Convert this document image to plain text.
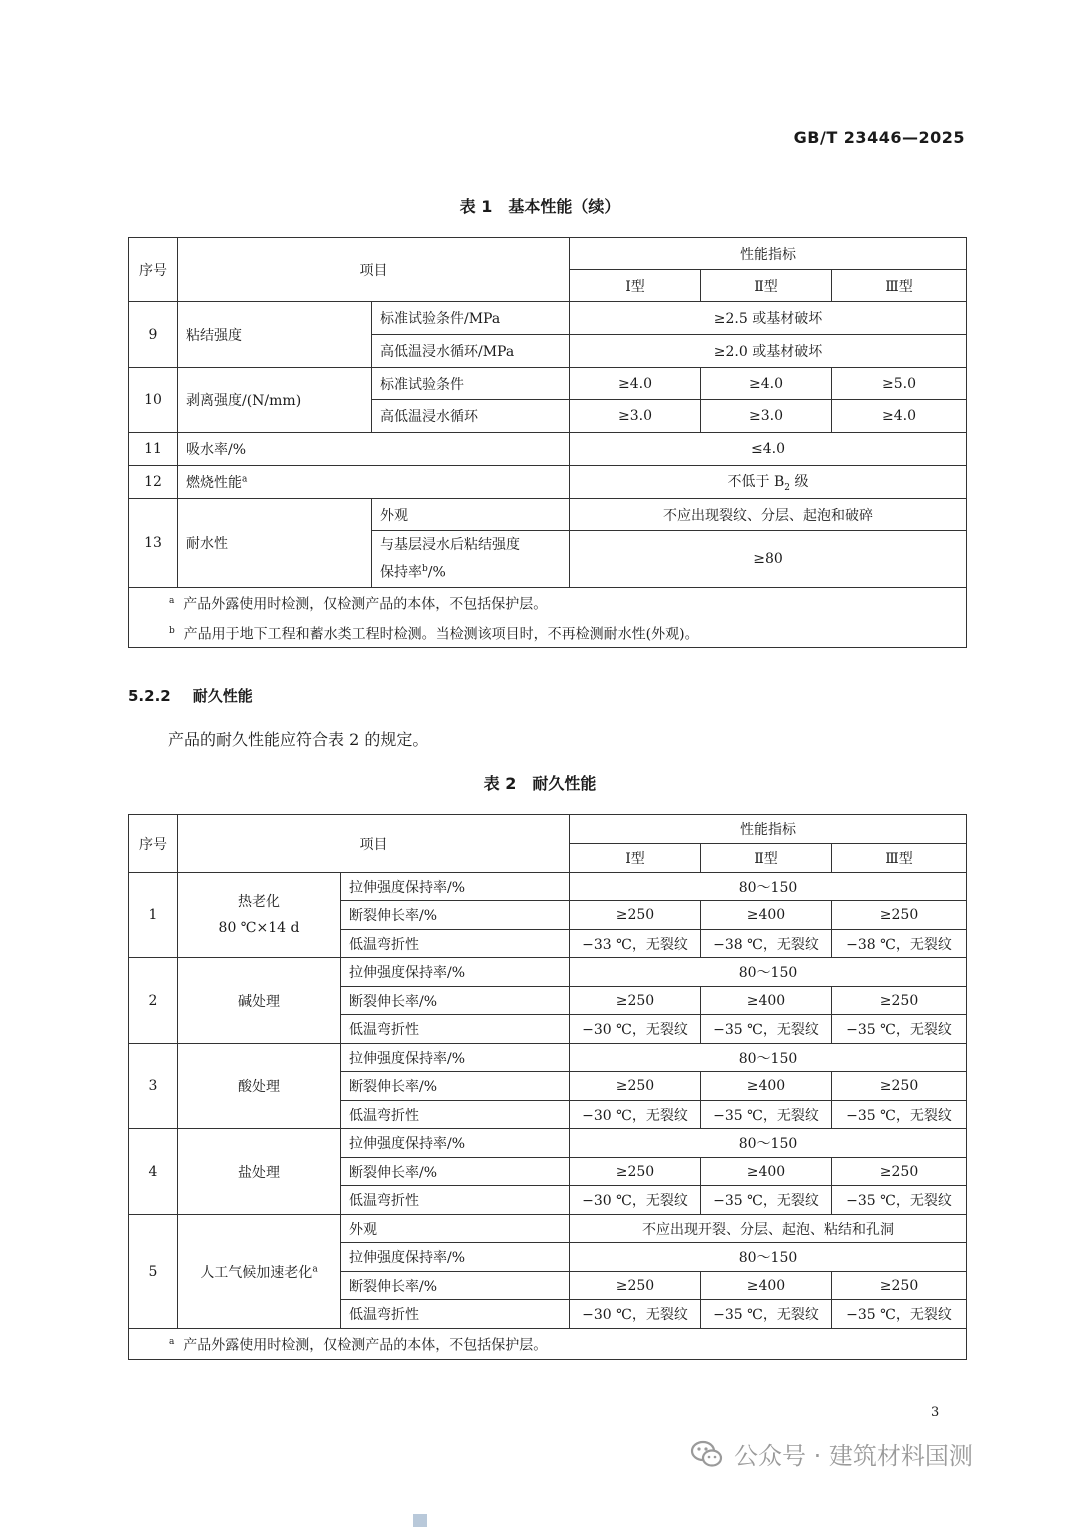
GB/T 23446—2025
表 1 基本性能（续）
序号	项目		性能指标		
			Ⅰ型	Ⅱ型	Ⅲ型
9	粘结强度	标准试验条件/MPa	≥2.5 或基材破坏		
		高低温浸水循环/MPa	≥2.0 或基材破坏		
10	剥离强度/(N/mm)	标准试验条件	≥4.0	≥4.0	≥5.0
		高低温浸水循环	≥3.0	≥3.0	≥4.0
11	吸水率/%		≤4.0		
12	燃烧性能$^a$		不低于 $B_2$ 级		
13	耐水性	外观	不应出现裂纹、分层、起泡和破碎		
		与基层浸水后粘结强度
保持率$^b$/%	≥80		

$^a$ 产品外露使用时检测，仅检测产品的本体，不包括保护层。
$^b$ 产品用于地下工程和蓄水类工程时检测。当检测该项目时，不再检测耐水性(外观)。					
5.2.2 耐久性能
产品的耐久性能应符合表 2 的规定。
表 2 耐久性能
序号	项目		性能指标		
			Ⅰ型	Ⅱ型	Ⅲ型
1	热老化
80 ℃×14 d	拉伸强度保持率/%	80～150		
		断裂伸长率/%	≥250	≥400	≥250
		低温弯折性	−33 ℃，无裂纹	−38 ℃，无裂纹	−38 ℃，无裂纹
2	碱处理	拉伸强度保持率/%	80～150		
		断裂伸长率/%	≥250	≥400	≥250
		低温弯折性	−30 ℃，无裂纹	−35 ℃，无裂纹	−35 ℃，无裂纹
3	酸处理	拉伸强度保持率/%	80～150		
		断裂伸长率/%	≥250	≥400	≥250
		低温弯折性	−30 ℃，无裂纹	−35 ℃，无裂纹	−35 ℃，无裂纹
4	盐处理	拉伸强度保持率/%	80～150		
		断裂伸长率/%	≥250	≥400	≥250
		低温弯折性	−30 ℃，无裂纹	−35 ℃，无裂纹	−35 ℃，无裂纹
5	人工气候加速老化$^a$	外观	不应出现开裂、分层、起泡、粘结和孔洞		
		拉伸强度保持率/%	80～150		
		断裂伸长率/%	≥250	≥400	≥250
		低温弯折性	−30 ℃，无裂纹	−35 ℃，无裂纹	−35 ℃，无裂纹

$^a$ 产品外露使用时检测，仅检测产品的本体，不包括保护层。					
3
公众号 · 建筑材料国测
